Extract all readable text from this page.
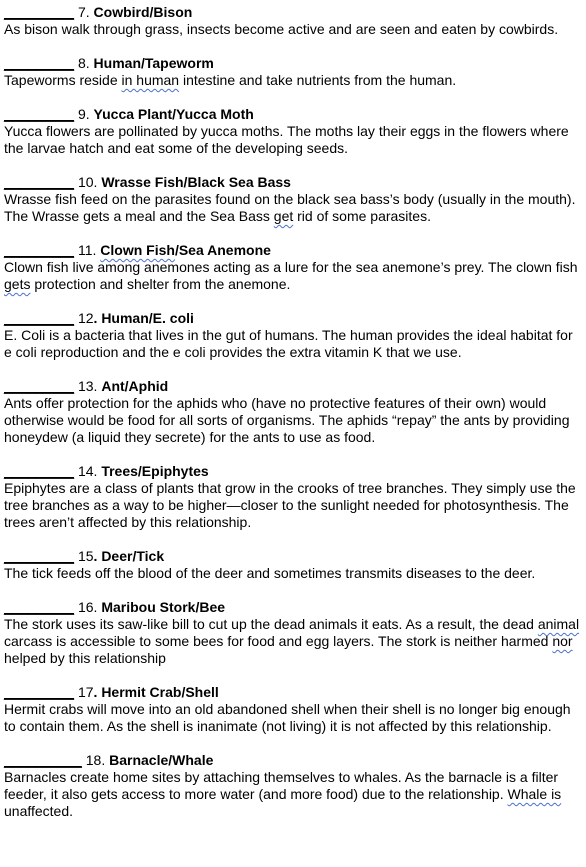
_________ 7. Cowbird/Bison
As bison walk through grass, insects become active and are seen and eaten by cowbirds.
_________ 8. Human/Tapeworm
Tapeworms reside in human intestine and take nutrients from the human.
_________ 9. Yucca Plant/Yucca Moth
Yucca flowers are pollinated by yucca moths. The moths lay their eggs in the flowers where the larvae hatch and eat some of the developing seeds.
_________ 10. Wrasse Fish/Black Sea Bass
Wrasse fish feed on the parasites found on the black sea bass’s body (usually in the mouth). The Wrasse gets a meal and the Sea Bass get rid of some parasites.
_________ 11. Clown Fish/Sea Anemone
Clown fish live among anemones acting as a lure for the sea anemone’s prey. The clown fish gets protection and shelter from the anemone.
_________ 12. Human/E. coli
E. Coli is a bacteria that lives in the gut of humans. The human provides the ideal habitat for e coli reproduction and the e coli provides the extra vitamin K that we use.
_________ 13. Ant/Aphid
Ants offer protection for the aphids who (have no protective features of their own) would otherwise would be food for all sorts of organisms. The aphids “repay” the ants by providing honeydew (a liquid they secrete) for the ants to use as food.
_________ 14. Trees/Epiphytes
Epiphytes are a class of plants that grow in the crooks of tree branches. They simply use the tree branches as a way to be higher—closer to the sunlight needed for photosynthesis. The trees aren’t affected by this relationship.
_________ 15. Deer/Tick
The tick feeds off the blood of the deer and sometimes transmits diseases to the deer.
_________ 16. Maribou Stork/Bee
The stork uses its saw-like bill to cut up the dead animals it eats. As a result, the dead animal carcass is accessible to some bees for food and egg layers. The stork is neither harmed nor helped by this relationship
_________ 17. Hermit Crab/Shell
Hermit crabs will move into an old abandoned shell when their shell is no longer big enough to contain them. As the shell is inanimate (not living) it is not affected by this relationship.
__________ 18. Barnacle/Whale
Barnacles create home sites by attaching themselves to whales. As the barnacle is a filter feeder, it also gets access to more water (and more food) due to the relationship. Whale is unaffected.
